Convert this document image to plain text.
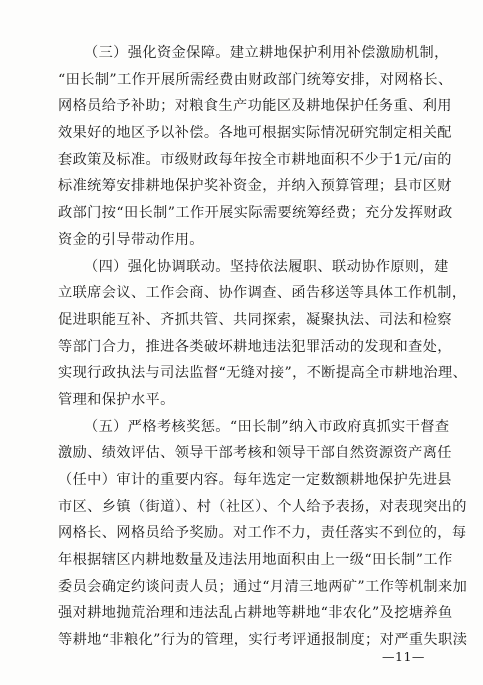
（三）强化资金保障。建立耕地保护利用补偿激励机制，
“田长制”工作开展所需经费由财政部门统筹安排，对网格长、
网格员给予补助；对粮食生产功能区及耕地保护任务重、利用
效果好的地区予以补偿。各地可根据实际情况研究制定相关配
套政策及标准。市级财政每年按全市耕地面积不少于1元/亩的
标准统筹安排耕地保护奖补资金，并纳入预算管理；县市区财
政部门按“田长制”工作开展实际需要统筹经费；充分发挥财政
资金的引导带动作用。
（四）强化协调联动。坚持依法履职、联动协作原则，建
立联席会议、工作会商、协作调查、函告移送等具体工作机制，
促进职能互补、齐抓共管、共同探索，凝聚执法、司法和检察
等部门合力，推进各类破坏耕地违法犯罪活动的发现和查处，
实现行政执法与司法监督“无缝对接”，不断提高全市耕地治理、
管理和保护水平。
（五）严格考核奖惩。“田长制”纳入市政府真抓实干督查
激励、绩效评估、领导干部考核和领导干部自然资源资产离任
（任中）审计的重要内容。每年选定一定数额耕地保护先进县
市区、乡镇（街道）、村（社区）、个人给予表扬，对表现突出的
网格长、网格员给予奖励。对工作不力，责任落实不到位的，每
年根据辖区内耕地数量及违法用地面积由上一级“田长制”工作
委员会确定约谈问责人员；通过“月清三地两矿”工作等机制来加
强对耕地抛荒治理和违法乱占耕地等耕地“非农化”及挖塘养鱼
等耕地“非粮化”行为的管理，实行考评通报制度；对严重失职渎
—11—
